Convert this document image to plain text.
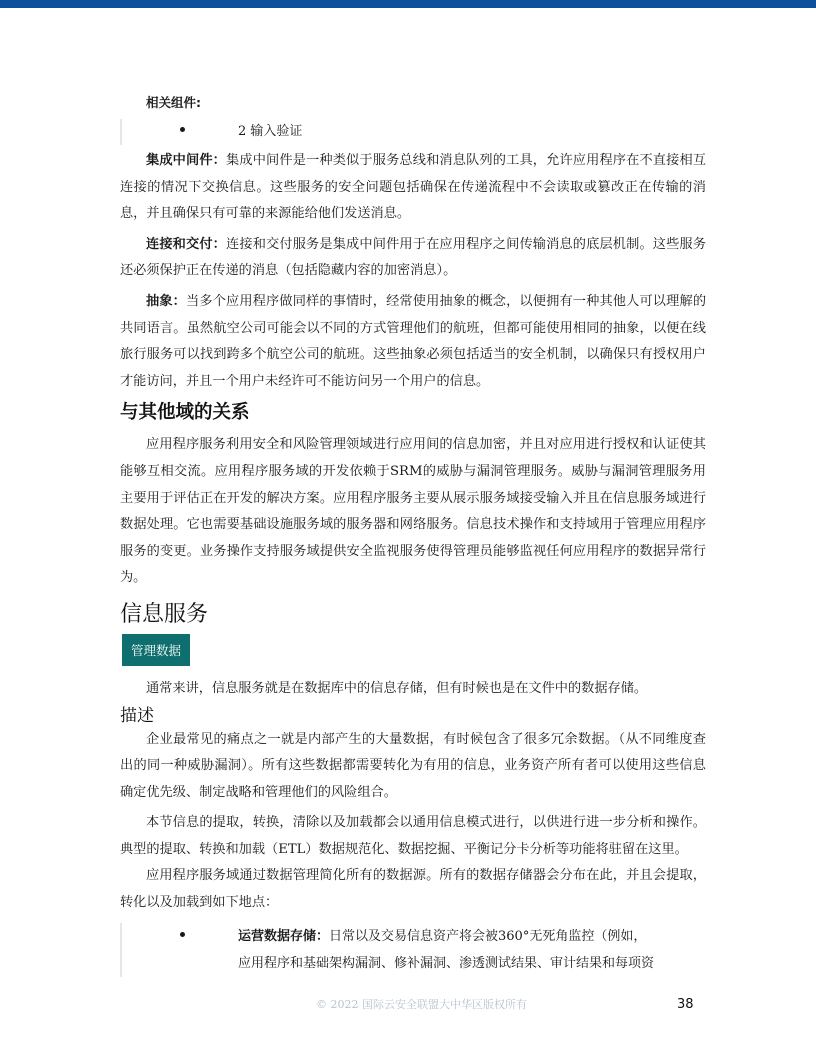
相关组件:
2 输入验证

集成中间件：集成中间件是一种类似于服务总线和消息队列的工具，允许应用程序在不直接相互连接的情况下交换信息。这些服务的安全问题包括确保在传递流程中不会读取或篡改正在传输的消息，并且确保只有可靠的来源能给他们发送消息。

连接和交付：连接和交付服务是集成中间件用于在应用程序之间传输消息的底层机制。这些服务还必须保护正在传递的消息（包括隐藏内容的加密消息）。

抽象：当多个应用程序做同样的事情时，经常使用抽象的概念，以便拥有一种其他人可以理解的共同语言。虽然航空公司可能会以不同的方式管理他们的航班，但都可能使用相同的抽象，以便在线旅行服务可以找到跨多个航空公司的航班。这些抽象必须包括适当的安全机制，以确保只有授权用户才能访问，并且一个用户未经许可不能访问另一个用户的信息。

与其他域的关系

应用程序服务利用安全和风险管理领域进行应用间的信息加密，并且对应用进行授权和认证使其能够互相交流。应用程序服务域的开发依赖于SRM的威胁与漏洞管理服务。威胁与漏洞管理服务用主要用于评估正在开发的解决方案。应用程序服务主要从展示服务域接受输入并且在信息服务域进行数据处理。它也需要基础设施服务域的服务器和网络服务。信息技术操作和支持域用于管理应用程序服务的变更。业务操作支持服务域提供安全监视服务使得管理员能够监视任何应用程序的数据异常行为。

信息服务
管理数据

通常来讲，信息服务就是在数据库中的信息存储，但有时候也是在文件中的数据存储。

描述

企业最常见的痛点之一就是内部产生的大量数据，有时候包含了很多冗余数据。（从不同维度查出的同一种威胁漏洞）。所有这些数据都需要转化为有用的信息，业务资产所有者可以使用这些信息确定优先级、制定战略和管理他们的风险组合。

本节信息的提取，转换，清除以及加载都会以通用信息模式进行，以供进行进一步分析和操作。典型的提取、转换和加载（ETL）数据规范化、数据挖掘、平衡记分卡分析等功能将驻留在这里。

应用程序服务域通过数据管理简化所有的数据源。所有的数据存储器会分布在此，并且会提取，转化以及加载到如下地点：

运营数据存储：日常以及交易信息资产将会被360°无死角监控（例如，
应用程序和基础架构漏洞、修补漏洞、渗透测试结果、审计结果和每项资
© 2022 国际云安全联盟大中华区版权所有	38
